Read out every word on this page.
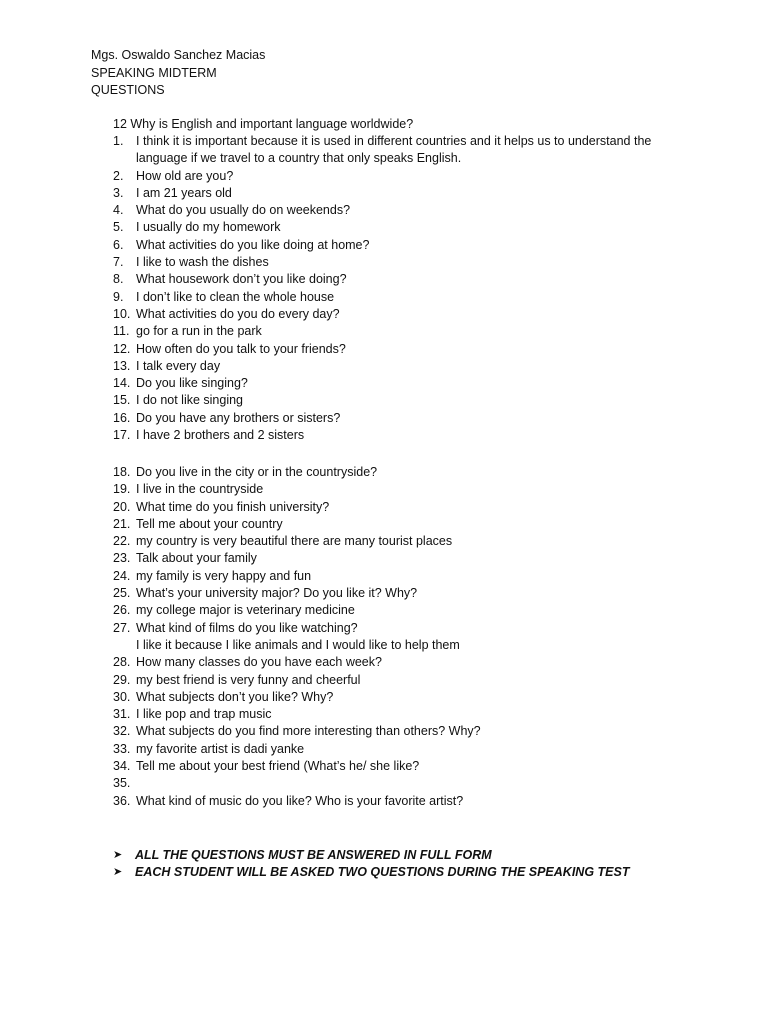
Mgs. Oswaldo Sanchez Macias
SPEAKING MIDTERM
QUESTIONS
12 Why is English and important language worldwide?
1.	I think it is important because it is used in different countries and it helps us to understand the language if we travel to a country that only speaks English.
2.	How old are you?
3.	I am 21 years old
4.	What do you usually do on weekends?
5.	I usually do my homework
6.	What activities do you like doing at home?
7.	I like to wash the dishes
8.	What housework don’t you like doing?
9.	I don’t like to clean the whole house
10. What activities do you do every day?
11. go for a run in the park
12. How often do you talk to your friends?
13. I talk every day
14. Do you like singing?
15. I do not like singing
16. Do you have any brothers or sisters?
17. I have 2 brothers and 2 sisters
18. Do you live in the city or in the countryside?
19. I live in the countryside
20. What time do you finish university?
21. Tell me about your country
22. my country is very beautiful there are many tourist places
23. Talk about your family
24. my family is very happy and fun
25. What’s your university major? Do you like it? Why?
26. my college major is veterinary medicine
27. What kind of films do you like watching?
I like it because I like animals and I would like to help them
28. How many classes do you have each week?
29. my best friend is very funny and cheerful
30. What subjects don’t you like? Why?
31. I like pop and trap music
32. What subjects do you find more interesting than others? Why?
33. my favorite artist is dadi yanke
34. Tell me about your best friend (What’s he/ she like?
35.
36. What kind of music do you like? Who is your favorite artist?
➤	ALL THE QUESTIONS MUST BE ANSWERED IN FULL FORM
➤	EACH STUDENT WILL BE ASKED TWO QUESTIONS DURING THE SPEAKING TEST
